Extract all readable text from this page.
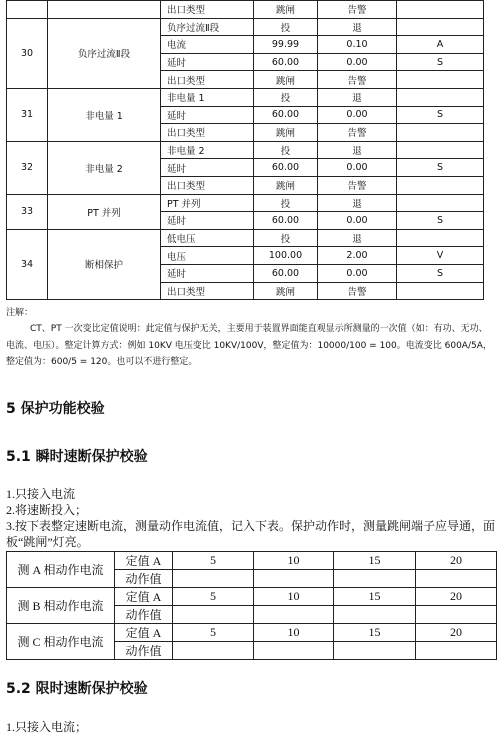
		出口类型	跳闸	告警	
30	负序过流Ⅱ段	负序过流Ⅱ段	投	退	
		电流	99.99	0.10	A
		延时	60.00	0.00	S
		出口类型	跳闸	告警	
31	非电量 1	非电量 1	投	退	
		延时	60.00	0.00	S
		出口类型	跳闸	告警	
32	非电量 2	非电量 2	投	退	
		延时	60.00	0.00	S
		出口类型	跳闸	告警	
33	PT 并列	PT 并列	投	退	
		延时	60.00	0.00	S
34	断相保护	低电压	投	退	
		电压	100.00	2.00	V
		延时	60.00	0.00	S
		出口类型	跳闸	告警	
注解：
CT、PT 一次变比定值说明：此定值与保护无关，主要用于装置界面能直观显示所测量的一次值（如：有功、无功、电流、电压）。整定计算方式：例如 10KV 电压变比 10KV/100V，整定值为：10000/100 = 100。电流变比 600A/5A，整定值为：600/5 = 120。也可以不进行整定。
5 保护功能校验
5.1 瞬时速断保护校验
1.只接入电流
2.将速断投入；
3.按下表整定速断电流，测量动作电流值，记入下表。保护动作时，测量跳闸端子应导通，面板“跳闸”灯亮。
测 A 相动作电流	定值 A	5	10	15	20
	动作值				
测 B 相动作电流	定值 A	5	10	15	20
	动作值				
测 C 相动作电流	定值 A	5	10	15	20
	动作值				
5.2 限时速断保护校验
1.只接入电流；
